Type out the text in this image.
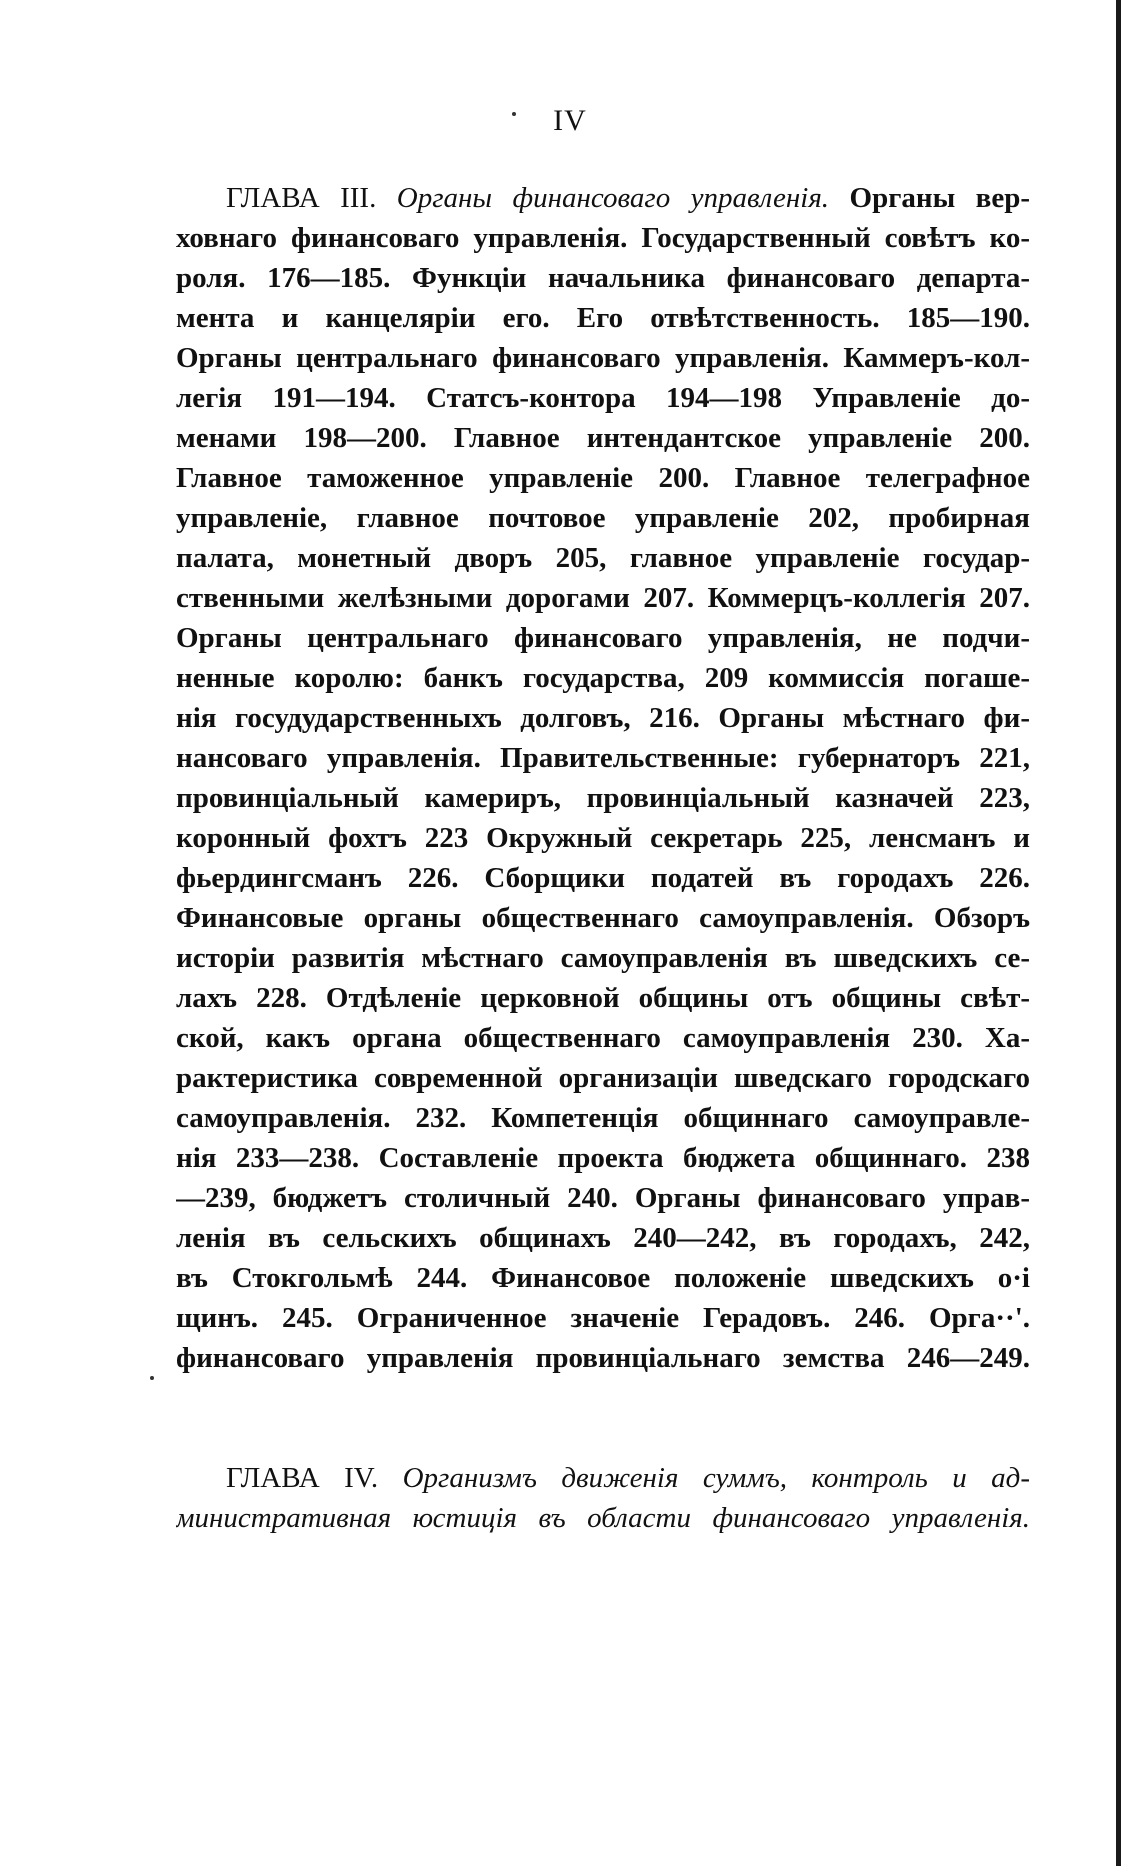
IV
ГЛАВА III. Органы финансоваго управленія. Органы вер-
ховнаго финансоваго управленія. Государственный совѣтъ ко-
роля. 176—185. Функціи начальника финансоваго департа-
мента и канцеляріи его. Его отвѣтственность. 185—190.
Органы центральнаго финансоваго управленія. Каммеръ-кол-
легія 191—194. Статсъ-контора 194—198 Управленіе до-
менами 198—200. Главное интендантское управленіе 200.
Главное таможенное управленіе 200. Главное телеграфное
управленіе, главное почтовое управленіе 202, пробирная
палата, монетный дворъ 205, главное управленіе государ-
ственными желѣзными дорогами 207. Коммерцъ-коллегія 207.
Органы центральнаго финансоваго управленія, не подчи-
ненные королю: банкъ государства, 209 коммиссія погаше-
нія госудударственныхъ долговъ, 216. Органы мѣстнаго фи-
нансоваго управленія. Правительственные: губернаторъ 221,
провинціальный камериръ, провинціальный казначей 223,
коронный фохтъ 223 Окружный секретарь 225, ленсманъ и
фьердингсманъ 226. Сборщики податей въ городахъ 226.
Финансовые органы общественнаго самоуправленія. Обзоръ
исторіи развитія мѣстнаго самоуправленія въ шведскихъ се-
лахъ 228. Отдѣленіе церковной общины отъ общины свѣт-
ской, какъ органа общественнаго самоуправленія 230. Ха-
рактеристика современной организаціи шведскаго городскаго
самоуправленія. 232. Компетенція общиннаго самоуправле-
нія 233—238. Составленіе проекта бюджета общиннаго. 238
—239, бюджетъ столичный 240. Органы финансоваго управ-
ленія въ сельскихъ общинахъ 240—242, въ городахъ, 242,
въ Стокгольмѣ 244. Финансовое положеніе шведскихъ о·і
щинъ. 245. Ограниченное значеніе Герадовъ. 246. Орга··'.
финансоваго управленія провинціальнаго земства 246—249.
ГЛАВА IV. Организмъ движенія суммъ, контроль и ад-
министративная юстиція въ области финансоваго управленія.
